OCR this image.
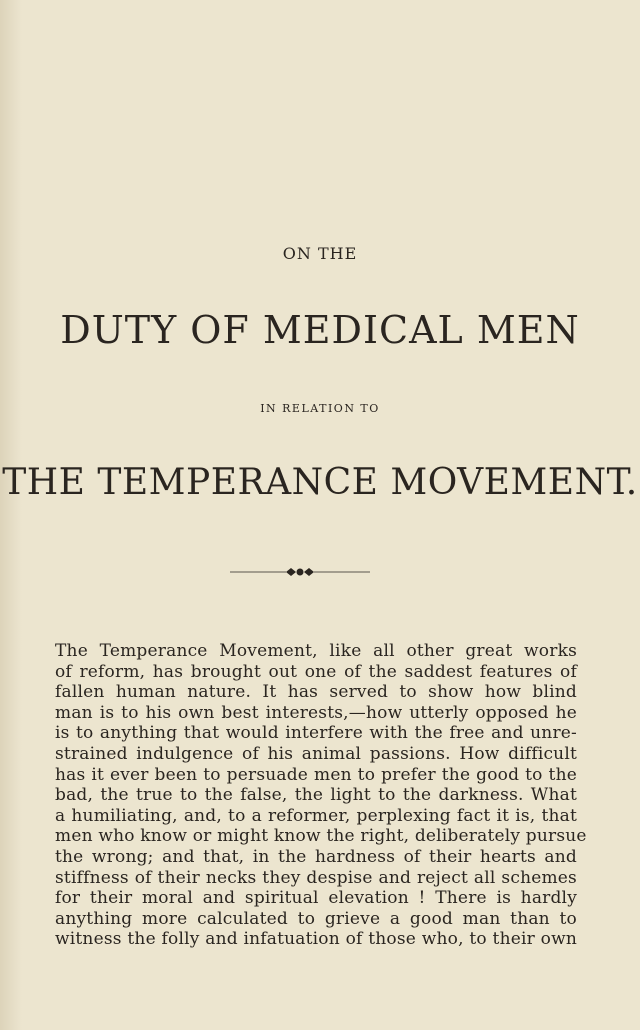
ON THE
DUTY OF MEDICAL MEN
IN RELATION TO
THE TEMPERANCE MOVEMENT.
The Temperance Movement, like all other great works
of reform, has brought out one of the saddest features of
fallen human nature. It has served to show how blind
man is to his own best interests,—how utterly opposed he
is to anything that would interfere with the free and unre-
strained indulgence of his animal passions. How difficult
has it ever been to persuade men to prefer the good to the
bad, the true to the false, the light to the darkness. What
a humiliating, and, to a reformer, perplexing fact it is, that
men who know or might know the right, deliberately pursue
the wrong; and that, in the hardness of their hearts and
stiffness of their necks they despise and reject all schemes
for their moral and spiritual elevation ! There is hardly
anything more calculated to grieve a good man than to
witness the folly and infatuation of those who, to their own
